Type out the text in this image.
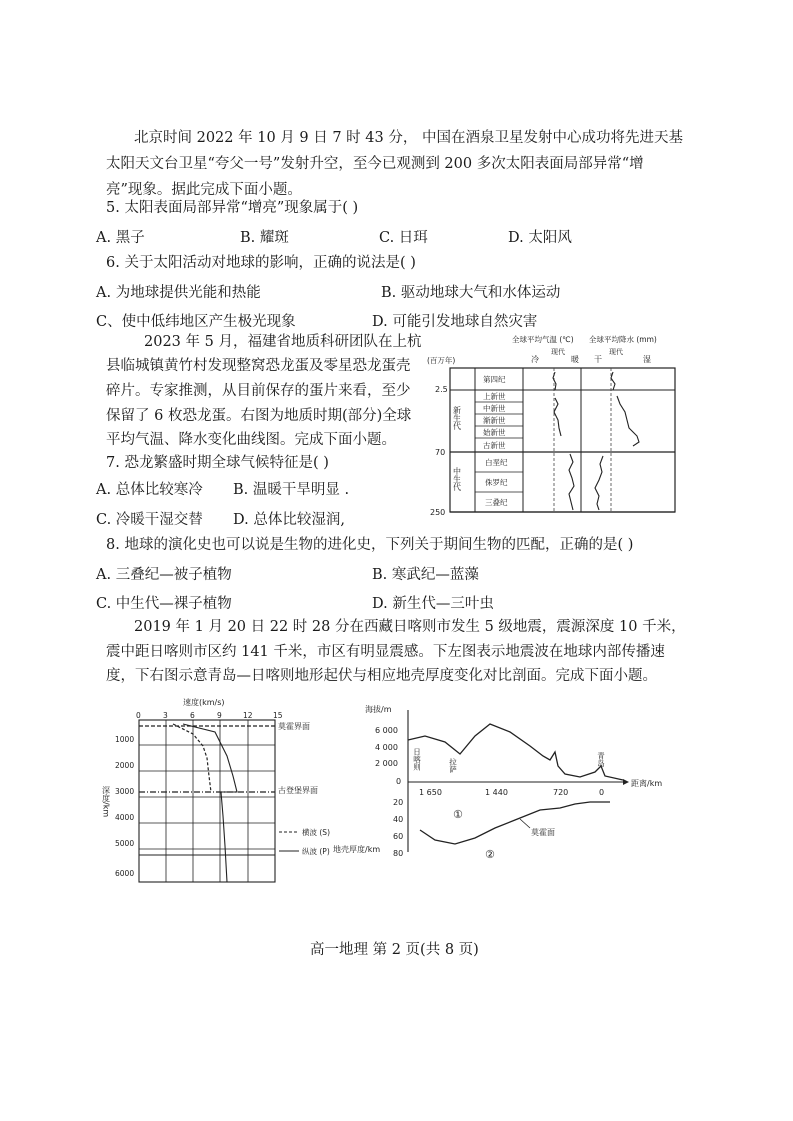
北京时间 2022 年 10 月 9 日 7 时 43 分， 中国在酒泉卫星发射中心成功将先进天基
太阳天文台卫星“夸父一号”发射升空，至今已观测到 200 多次太阳表面局部异常“增
亮”现象。据此完成下面小题。
5. 太阳表面局部异常“增亮”现象属于( )
A. 黑子	B. 耀斑	C. 日珥	D. 太阳风
6. 关于太阳活动对地球的影响，正确的说法是( )
A. 为地球提供光能和热能	B. 驱动地球大气和水体运动
C、使中低纬地区产生极光现象	D. 可能引发地球自然灾害
2023 年 5 月，福建省地质科研团队在上杭
县临城镇黄竹村发现整窝恐龙蛋及零星恐龙蛋壳
碎片。专家推测，从目前保存的蛋片来看，至少
保留了 6 枚恐龙蛋。右图为地质时期(部分)全球
平均气温、降水变化曲线图。完成下面小题。
7. 恐龙繁盛时期全球气候特征是( )
A. 总体比较寒冷 B. 温暖干旱明显 .
C. 冷暖干湿交替 D. 总体比较湿润,
全球平均气温 (℃) 全球平均降水 (mm)
(百万年)	冷
现代
暖 干
现代
湿
2.5
70
250
新生代
中生代
第四纪
上新世
中新世
渐新世
始新世
古新世
白垩纪
侏罗纪
三叠纪
8. 地球的演化史也可以说是生物的进化史，下列关于期间生物的匹配，正确的是( )
A. 三叠纪—被子植物	B. 寒武纪—蓝藻
C. 中生代—裸子植物	D. 新生代—三叶虫
2019 年 1 月 20 日 22 时 28 分在西藏日喀则市发生 5 级地震，震源深度 10 千米，
震中距日喀则市区约 141 千米，市区有明显震感。下左图表示地震波在地球内部传播速
度，下右图示意青岛—日喀则地形起伏与相应地壳厚度变化对比剖面。完成下面小题。
速度(km/s)
0	3	6	9	12	15
1000
2000
3000
4000
5000
6000
深度/km
莫霍界面
古登堡界面
横波 (S)
纵波 (P)
海拔/m
6 000
4 000
2 000
0	距离/km
1 650	1 440	720	0
日喀则	拉萨	青岛
20
40
60
80
地壳厚度/km
①
②
莫霍面
高一地理 第 2 页(共 8 页)
